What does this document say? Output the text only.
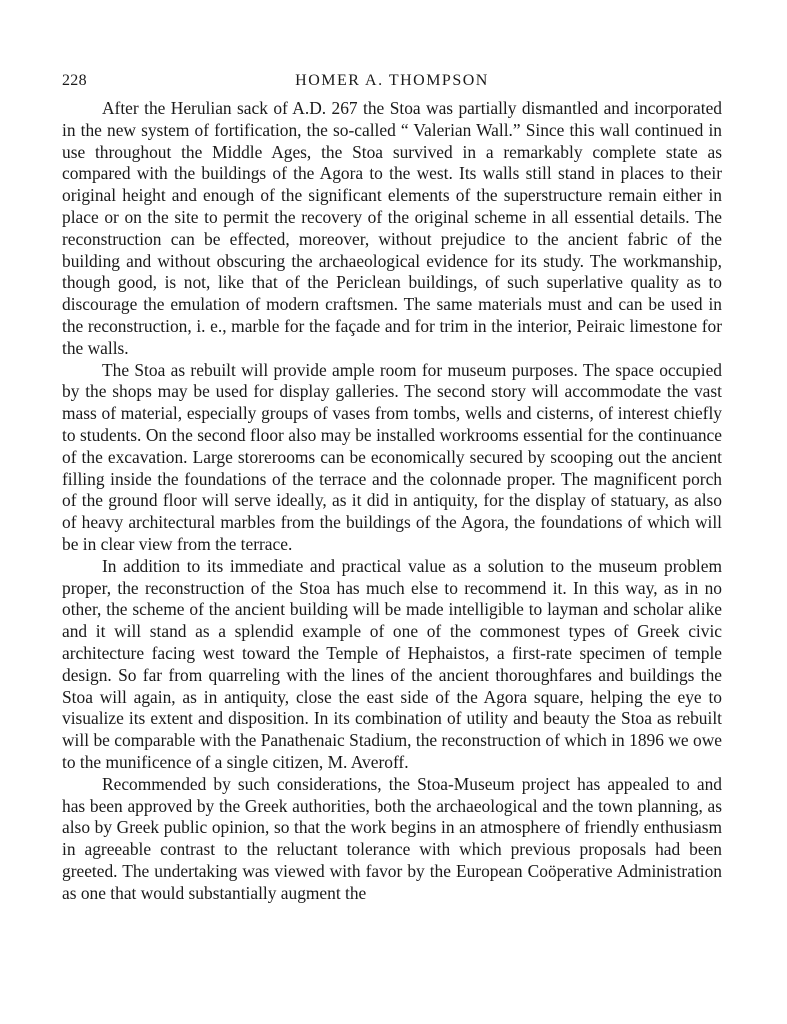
228	HOMER A. THOMPSON

After the Herulian sack of A.D. 267 the Stoa was partially dismantled and incorporated in the new system of fortification, the so-called “ Valerian Wall.” Since this wall continued in use throughout the Middle Ages, the Stoa survived in a remarkably complete state as compared with the buildings of the Agora to the west. Its walls still stand in places to their original height and enough of the significant elements of the superstructure remain either in place or on the site to permit the recovery of the original scheme in all essential details. The reconstruction can be effected, moreover, without prejudice to the ancient fabric of the building and without obscuring the archaeological evidence for its study. The workmanship, though good, is not, like that of the Periclean buildings, of such superlative quality as to discourage the emulation of modern craftsmen. The same materials must and can be used in the reconstruction, i. e., marble for the façade and for trim in the interior, Peiraic limestone for the walls.

The Stoa as rebuilt will provide ample room for museum purposes. The space occupied by the shops may be used for display galleries. The second story will accommodate the vast mass of material, especially groups of vases from tombs, wells and cisterns, of interest chiefly to students. On the second floor also may be installed workrooms essential for the continuance of the excavation. Large storerooms can be economically secured by scooping out the ancient filling inside the foundations of the terrace and the colonnade proper. The magnificent porch of the ground floor will serve ideally, as it did in antiquity, for the display of statuary, as also of heavy architectural marbles from the buildings of the Agora, the foundations of which will be in clear view from the terrace.

In addition to its immediate and practical value as a solution to the museum problem proper, the reconstruction of the Stoa has much else to recommend it. In this way, as in no other, the scheme of the ancient building will be made intelligible to layman and scholar alike and it will stand as a splendid example of one of the commonest types of Greek civic architecture facing west toward the Temple of Hephaistos, a first-rate specimen of temple design. So far from quarreling with the lines of the ancient thoroughfares and buildings the Stoa will again, as in antiquity, close the east side of the Agora square, helping the eye to visualize its extent and disposition. In its combination of utility and beauty the Stoa as rebuilt will be comparable with the Panathenaic Stadium, the reconstruction of which in 1896 we owe to the munificence of a single citizen, M. Averoff.

Recommended by such considerations, the Stoa-Museum project has appealed to and has been approved by the Greek authorities, both the archaeological and the town planning, as also by Greek public opinion, so that the work begins in an atmosphere of friendly enthusiasm in agreeable contrast to the reluctant tolerance with which previous proposals had been greeted. The undertaking was viewed with favor by the European Coöperative Administration as one that would substantially augment the
